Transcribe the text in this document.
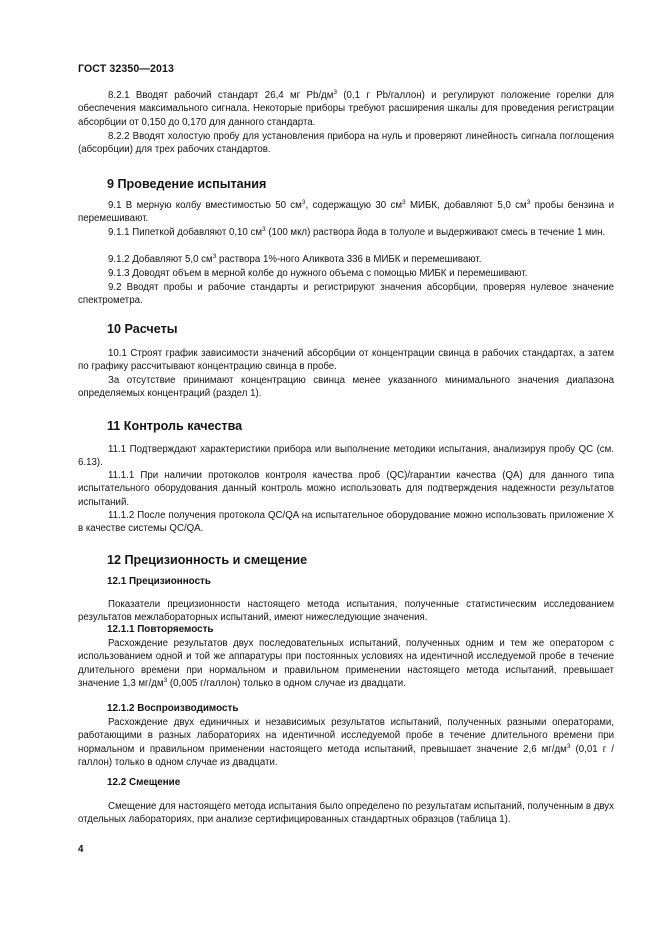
ГОСТ 32350—2013

8.2.1 Вводят рабочий стандарт 26,4 мг $Pb/дм^3$ (0,1 г Pb/галлон) и регулируют положение горелки для обеспечения максимального сигнала. Некоторые приборы требуют расширения шкалы для проведения регистрации абсорбции от 0,150 до 0,170 для данного стандарта.

8.2.2 Вводят холостую пробу для установления прибора на нуль и проверяют линейность сигнала поглощения (абсорбции) для трех рабочих стандартов.

9 Проведение испытания

9.1 В мерную колбу вместимостью 50 $см^3$, содержащую 30 $см^3$ МИБК, добавляют 5,0 $см^3$ пробы бензина и перемешивают.

9.1.1 Пипеткой добавляют 0,10 $см^3$ (100 мкл) раствора йода в толуоле и выдерживают смесь в течение 1 мин.

9.1.2 Добавляют 5,0 $см^3$ раствора 1%-ного Аликвота 336 в МИБК и перемешивают.

9.1.3 Доводят объем в мерной колбе до нужного объема с помощью МИБК и перемешивают.

9.2 Вводят пробы и рабочие стандарты и регистрируют значения абсорбции, проверяя нулевое значение спектрометра.

10 Расчеты

10.1 Строят график зависимости значений абсорбции от концентрации свинца в рабочих стандартах, а затем по графику рассчитывают концентрацию свинца в пробе.

За отсутствие принимают концентрацию свинца менее указанного минимального значения диапазона определяемых концентраций (раздел 1).

11 Контроль качества

11.1 Подтверждают характеристики прибора или выполнение методики испытания, анализируя пробу QC (см. 6.13).

11.1.1 При наличии протоколов контроля качества проб (QC)/гарантии качества (QA) для данного типа испытательного оборудования данный контроль можно использовать для подтверждения надежности результатов испытаний.

11.1.2 После получения протокола QC/QA на испытательное оборудование можно использовать приложение Х в качестве системы QC/QA.

12 Прецизионность и смещение
12.1 Прецизионность

Показатели прецизионности настоящего метода испытания, полученные статистическим исследованием результатов межлабораторных испытаний, имеют нижеследующие значения.

12.1.1 Повторяемость

Расхождение результатов двух последовательных испытаний, полученных одним и тем же оператором с использованием одной и той же аппаратуры при постоянных условиях на идентичной исследуемой пробе в течение длительного времени при нормальном и правильном применении настоящего метода испытаний, превышает значение 1,3 $мг/дм^3$ (0,005 г/галлон) только в одном случае из двадцати.

12.1.2 Воспроизводимость

Расхождение двух единичных и независимых результатов испытаний, полученных разными операторами, работающими в разных лабораториях на идентичной исследуемой пробе в течение длительного времени при нормальном и правильном применении настоящего метода испытаний, превышает значение 2,6 $мг/дм^3$ (0,01 г /галлон) только в одном случае из двадцати.

12.2 Смещение

Смещение для настоящего метода испытания было определено по результатам испытаний, полученным в двух отдельных лабораториях, при анализе сертифицированных стандартных образцов (таблица 1).

4
